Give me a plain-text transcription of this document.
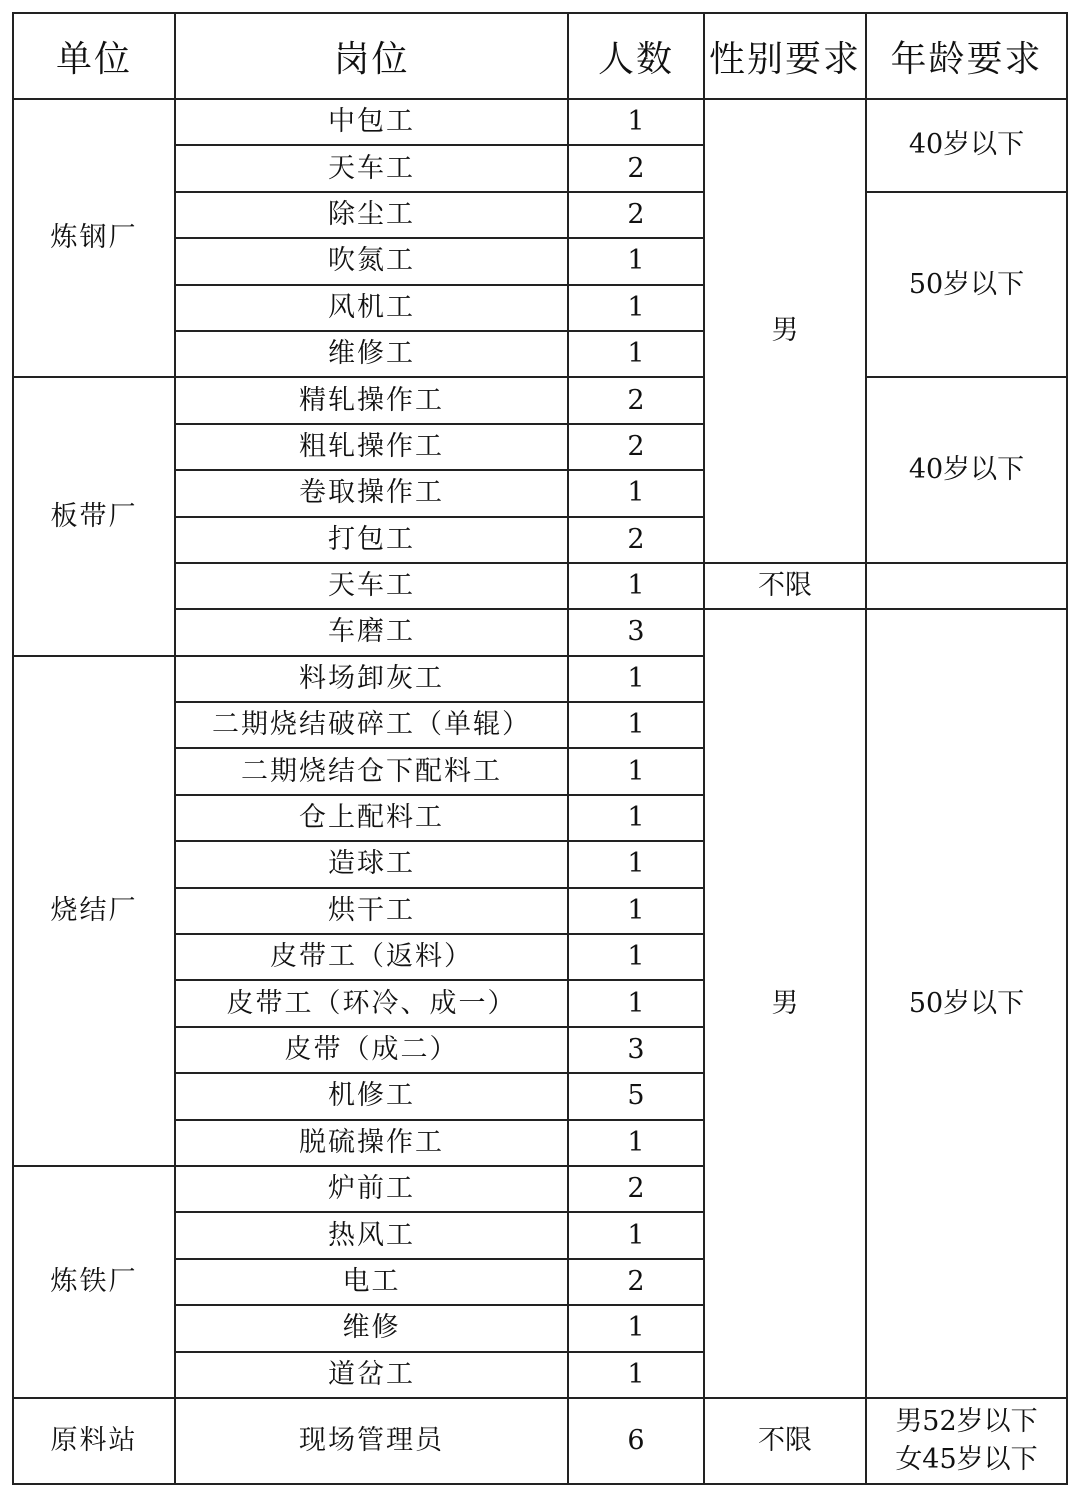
单位	岗位	人数	性别要求	年龄要求
炼钢厂	中包工	1	男	40岁以下
	天车工	2		
	除尘工	2		50岁以下
	吹氮工	1		
	风机工	1		
	维修工	1		
板带厂	精轧操作工	2		40岁以下
	粗轧操作工	2		
	卷取操作工	1		
	打包工	2		
	天车工	1	不限	
	车磨工	3	男	50岁以下
烧结厂	料场卸灰工	1		
	二期烧结破碎工（单辊）	1		
	二期烧结仓下配料工	1		
	仓上配料工	1		
	造球工	1		
	烘干工	1		
	皮带工（返料）	1		
	皮带工（环冷、成一）	1		
	皮带（成二）	3		
	机修工	5		
	脱硫操作工	1		
炼铁厂	炉前工	2		
	热风工	1		
	电工	2		
	维修	1		
	道岔工	1		
原料站	现场管理员	6	不限	男52岁以下
女45岁以下
